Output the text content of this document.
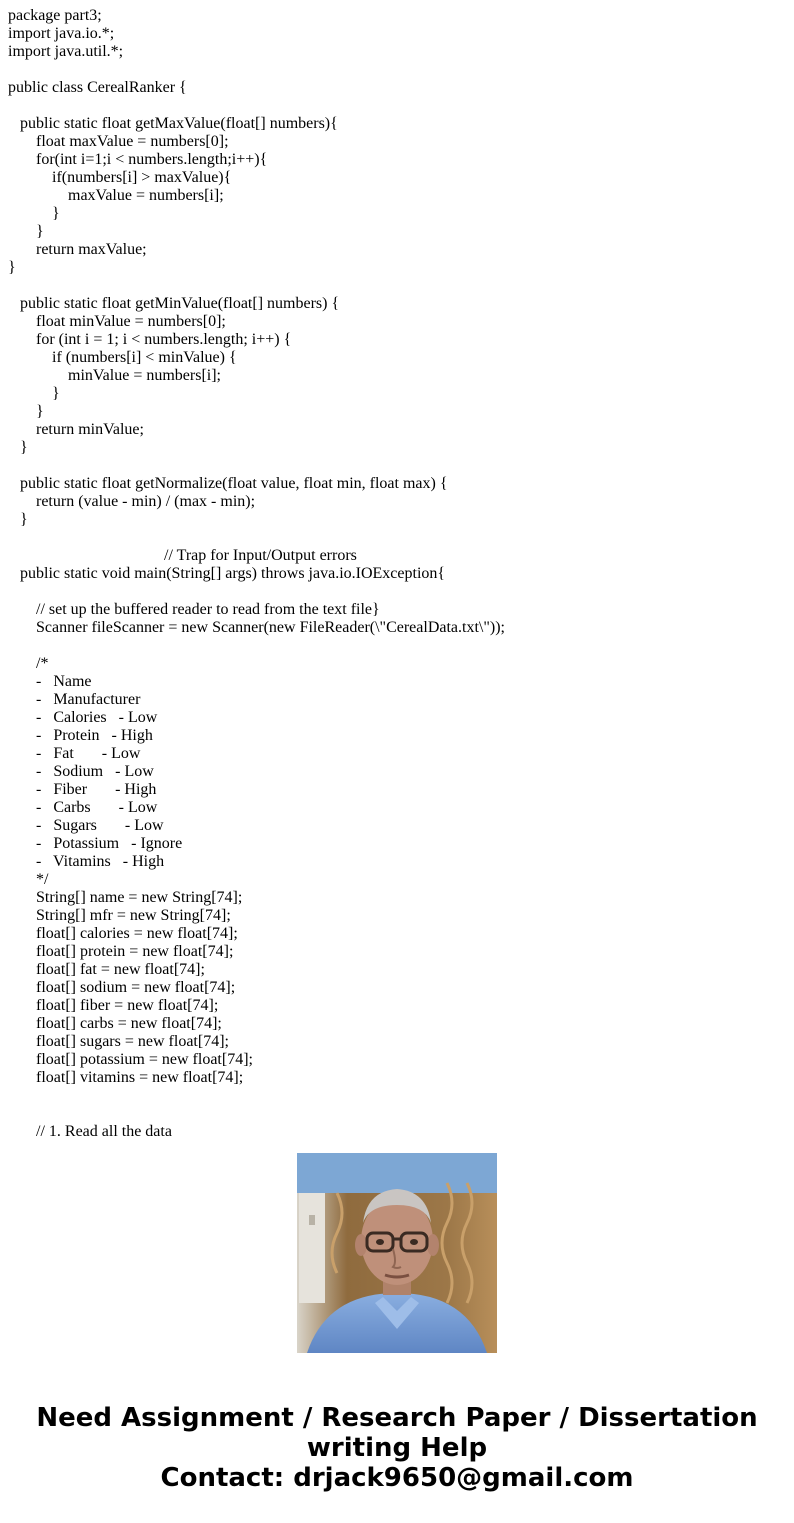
package part3;
import java.io.*;
import java.util.*;
public class CerealRanker {
public static float getMaxValue(float[] numbers){
float maxValue = numbers[0];
for(int i=1;i < numbers.length;i++){
if(numbers[i] > maxValue){
maxValue = numbers[i];
}
}
return maxValue;
}
public static float getMinValue(float[] numbers) {
float minValue = numbers[0];
for (int i = 1; i < numbers.length; i++) {
if (numbers[i] < minValue) {
minValue = numbers[i];
}
}
return minValue;
}
public static float getNormalize(float value, float min, float max) {
return (value - min) / (max - min);
}
// Trap for Input/Output errors
public static void main(String[] args) throws java.io.IOException{
// set up the buffered reader to read from the text file}
Scanner fileScanner = new Scanner(new FileReader(\"CerealData.txt\"));
/*
-   Name
-   Manufacturer
-   Calories   - Low
-   Protein   - High
-   Fat       - Low
-   Sodium   - Low
-   Fiber       - High
-   Carbs       - Low
-   Sugars       - Low
-   Potassium   - Ignore
-   Vitamins   - High
*/
String[] name = new String[74];
String[] mfr = new String[74];
float[] calories = new float[74];
float[] protein = new float[74];
float[] fat = new float[74];
float[] sodium = new float[74];
float[] fiber = new float[74];
float[] carbs = new float[74];
float[] sugars = new float[74];
float[] potassium = new float[74];
float[] vitamins = new float[74];
// 1. Read all the data
Need Assignment / Research Paper / Dissertation
writing Help
Contact: drjack9650@gmail.com
